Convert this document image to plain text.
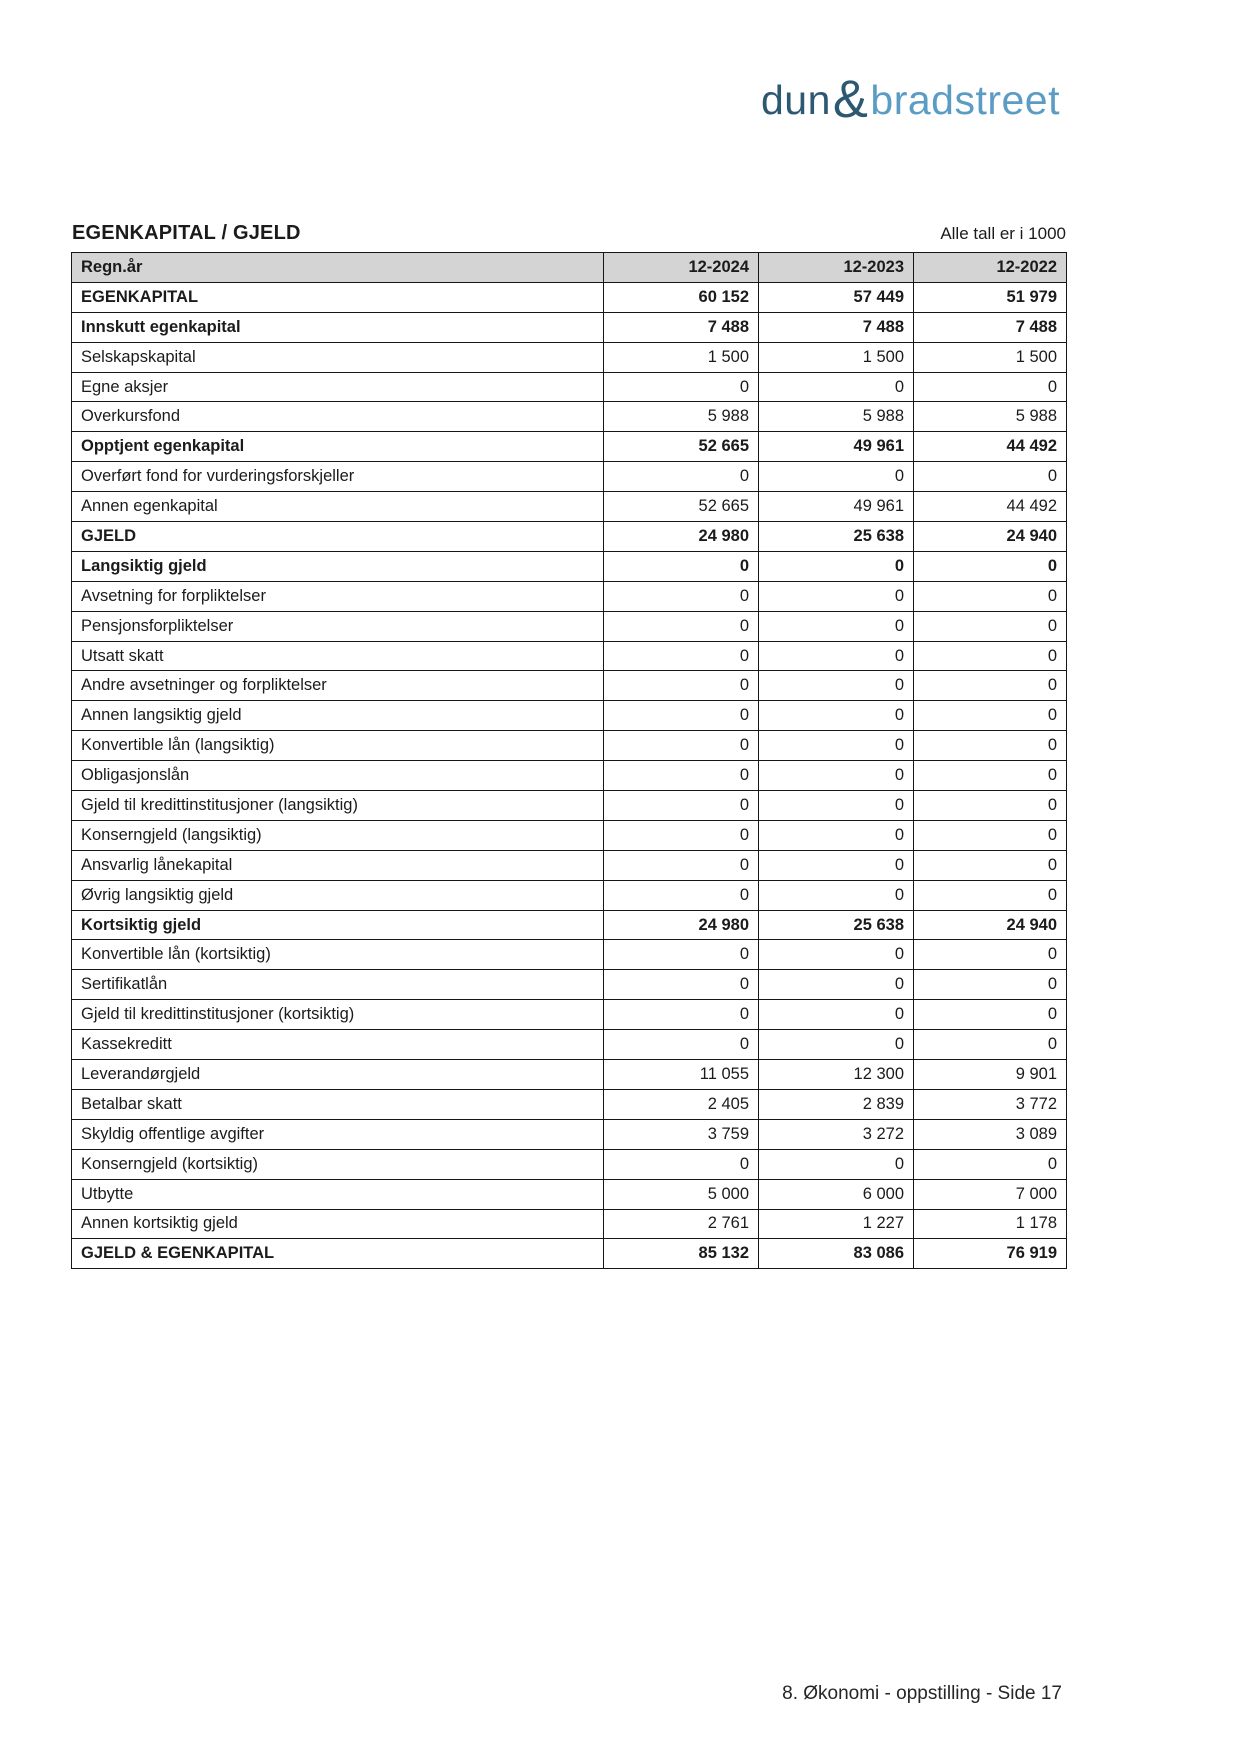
dun & bradstreet
EGENKAPITAL / GJELD	Alle tall er i 1000
Regn.år	12-2024	12-2023	12-2022
EGENKAPITAL	60 152	57 449	51 979
Innskutt egenkapital	7 488	7 488	7 488
Selskapskapital	1 500	1 500	1 500
Egne aksjer	0	0	0
Overkursfond	5 988	5 988	5 988
Opptjent egenkapital	52 665	49 961	44 492
Overført fond for vurderingsforskjeller	0	0	0
Annen egenkapital	52 665	49 961	44 492
GJELD	24 980	25 638	24 940
Langsiktig gjeld	0	0	0
Avsetning for forpliktelser	0	0	0
Pensjonsforpliktelser	0	0	0
Utsatt skatt	0	0	0
Andre avsetninger og forpliktelser	0	0	0
Annen langsiktig gjeld	0	0	0
Konvertible lån (langsiktig)	0	0	0
Obligasjonslån	0	0	0
Gjeld til kredittinstitusjoner (langsiktig)	0	0	0
Konserngjeld (langsiktig)	0	0	0
Ansvarlig lånekapital	0	0	0
Øvrig langsiktig gjeld	0	0	0
Kortsiktig gjeld	24 980	25 638	24 940
Konvertible lån (kortsiktig)	0	0	0
Sertifikatlån	0	0	0
Gjeld til kredittinstitusjoner (kortsiktig)	0	0	0
Kassekreditt	0	0	0
Leverandørgjeld	11 055	12 300	9 901
Betalbar skatt	2 405	2 839	3 772
Skyldig offentlige avgifter	3 759	3 272	3 089
Konserngjeld (kortsiktig)	0	0	0
Utbytte	5 000	6 000	7 000
Annen kortsiktig gjeld	2 761	1 227	1 178
GJELD & EGENKAPITAL	85 132	83 086	76 919
8. Økonomi - oppstilling - Side 17
